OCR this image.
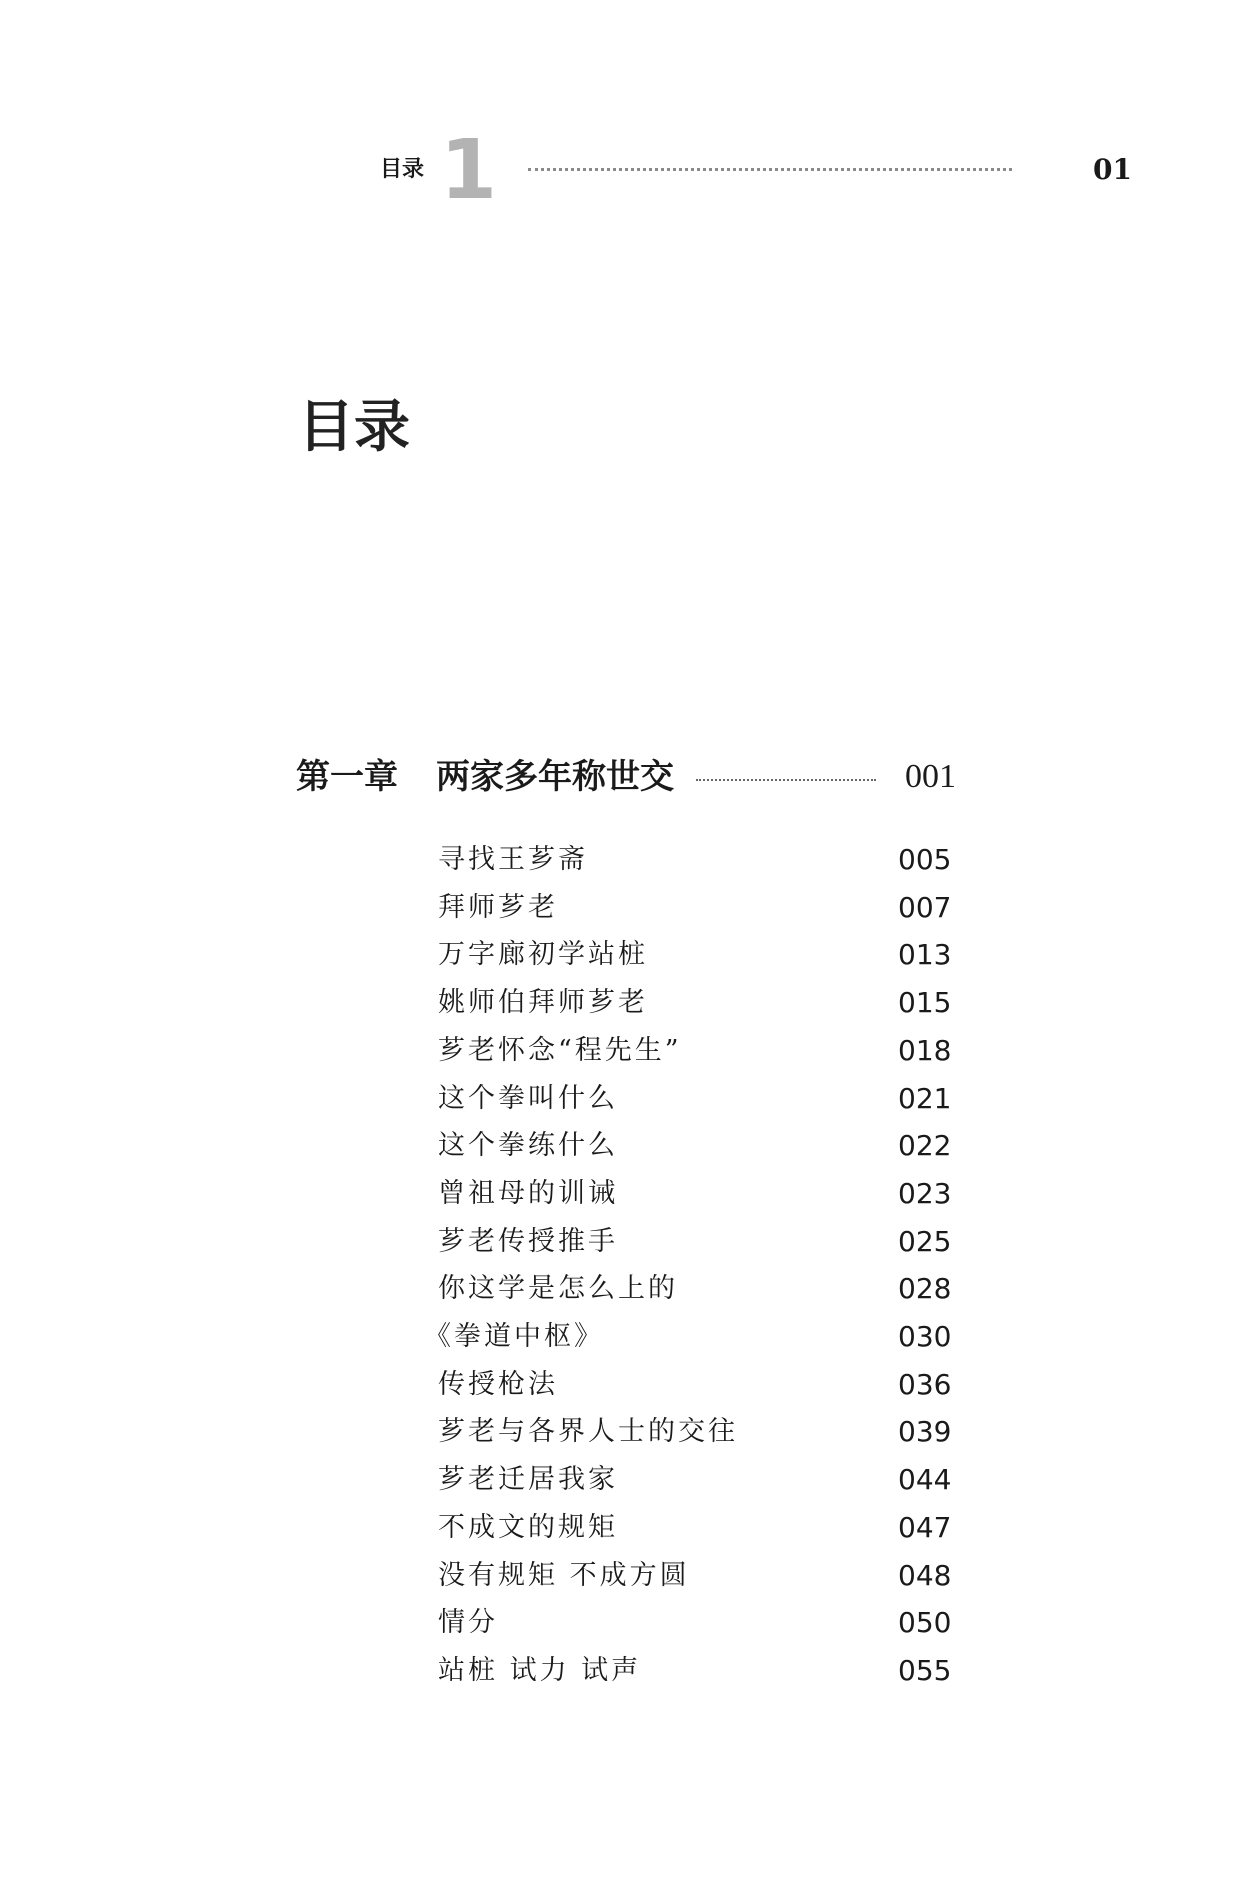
目录 1	01
目录
第一章 两家多年称世交	001
寻找王芗斋	005
拜师芗老	007
万字廊初学站桩	013
姚师伯拜师芗老	015
芗老怀念“程先生”	018
这个拳叫什么	021
这个拳练什么	022
曾祖母的训诫	023
芗老传授推手	025
你这学是怎么上的	028
《拳道中枢》	030
传授枪法	036
芗老与各界人士的交往	039
芗老迁居我家	044
不成文的规矩	047
没有规矩 不成方圆	048
情分	050
站桩 试力 试声	055
